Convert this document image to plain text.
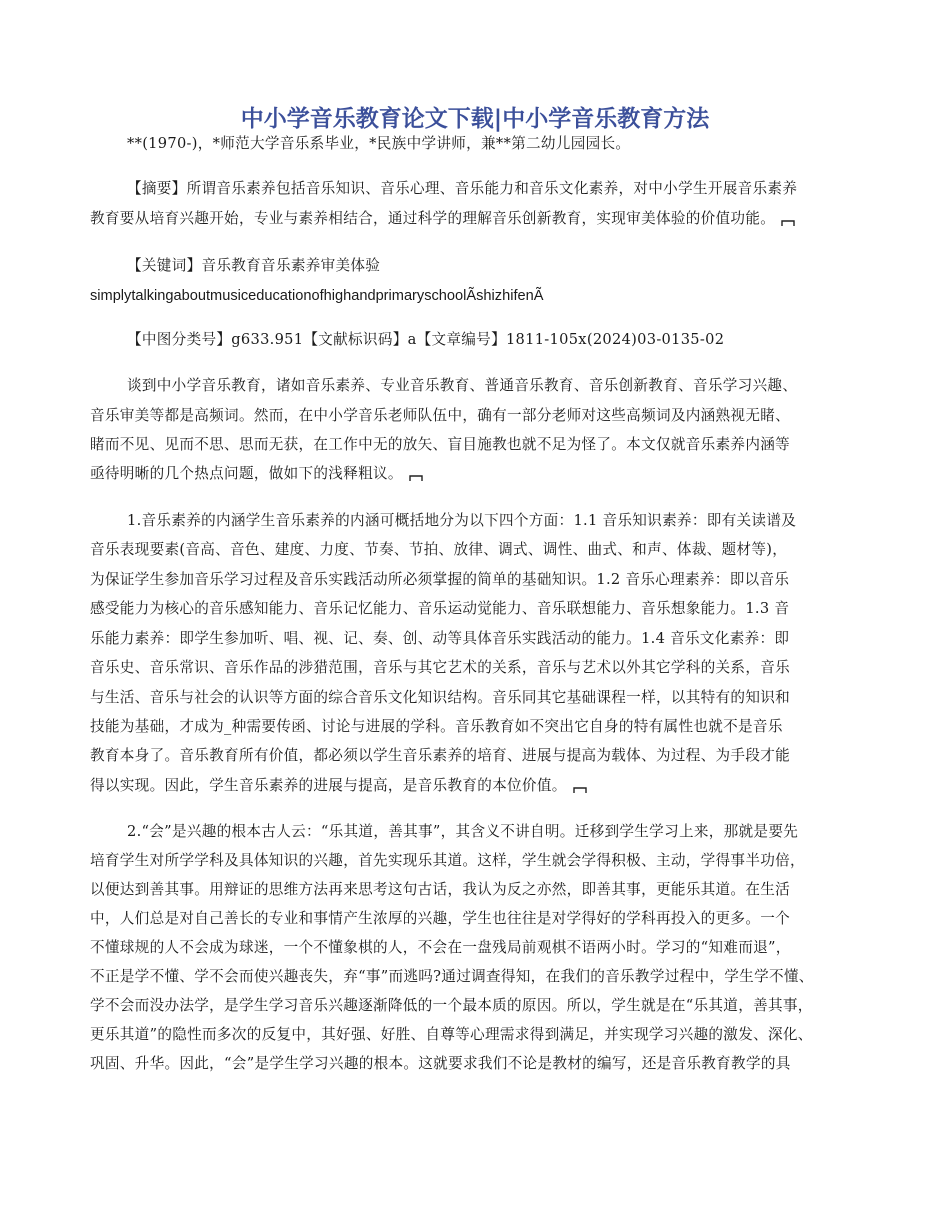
中小学音乐教育论文下载|中小学音乐教育方法
**(1970-)，*师范大学音乐系毕业，*民族中学讲师，兼**第二幼儿园园长。
【摘要】所谓音乐素养包括音乐知识、音乐心理、音乐能力和音乐文化素养，对中小学生开展音乐素养
教育要从培育兴趣开始，专业与素养相结合，通过科学的理解音乐创新教育，实现审美体验的价值功能。
【关键词】音乐教育音乐素养审美体验
simplytalkingaboutmusiceducationofhighandprimaryschoolÃshizhifenÃ
【中图分类号】g633.951【文献标识码】a【文章编号】1811-105x(2024)03-0135-02
谈到中小学音乐教育，诸如音乐素养、专业音乐教育、普通音乐教育、音乐创新教育、音乐学习兴趣、
音乐审美等都是高频词。然而，在中小学音乐老师队伍中，确有一部分老师对这些高频词及内涵熟视无睹、
睹而不见、见而不思、思而无获，在工作中无的放矢、盲目施教也就不足为怪了。本文仅就音乐素养内涵等
亟待明晰的几个热点问题，做如下的浅释粗议。
1.音乐素养的内涵学生音乐素养的内涵可概括地分为以下四个方面：1.1 音乐知识素养：即有关读谱及
音乐表现要素(音高、音色、建度、力度、节奏、节拍、放律、调式、调性、曲式、和声、体裁、题材等)，
为保证学生参加音乐学习过程及音乐实践活动所必须掌握的简单的基础知识。1.2 音乐心理素养：即以音乐
感受能力为核心的音乐感知能力、音乐记忆能力、音乐运动觉能力、音乐联想能力、音乐想象能力。1.3 音
乐能力素养：即学生参加听、唱、视、记、奏、创、动等具体音乐实践活动的能力。1.4 音乐文化素养：即
音乐史、音乐常识、音乐作品的涉猎范围，音乐与其它艺术的关系，音乐与艺术以外其它学科的关系，音乐
与生活、音乐与社会的认识等方面的综合音乐文化知识结构。音乐同其它基础课程一样，以其特有的知识和
技能为基础，才成为_种需要传函、讨论与进展的学科。音乐教育如不突出它自身的特有属性也就不是音乐
教育本身了。音乐教育所有价值，都必须以学生音乐素养的培育、进展与提高为载体、为过程、为手段才能
得以实现。因此，学生音乐素养的进展与提高，是音乐教育的本位价值。
2.“会”是兴趣的根本古人云：“乐其道，善其事”，其含义不讲自明。迁移到学生学习上来，那就是要先
培育学生对所学学科及具体知识的兴趣，首先实现乐其道。这样，学生就会学得积极、主动，学得事半功倍，
以便达到善其事。用辩证的思维方法再来思考这句古话，我认为反之亦然，即善其事，更能乐其道。在生活
中，人们总是对自己善长的专业和事情产生浓厚的兴趣，学生也往往是对学得好的学科再投入的更多。一个
不懂球规的人不会成为球迷，一个不懂象棋的人，不会在一盘残局前观棋不语两小时。学习的“知难而退”，
不正是学不懂、学不会而使兴趣丧失，弃“事”而逃吗?通过调查得知，在我们的音乐教学过程中，学生学不懂、
学不会而没办法学，是学生学习音乐兴趣逐渐降低的一个最本质的原因。所以，学生就是在“乐其道，善其事，
更乐其道”的隐性而多次的反复中，其好强、好胜、自尊等心理需求得到满足，并实现学习兴趣的激发、深化、
巩固、升华。因此，“会”是学生学习兴趣的根本。这就要求我们不论是教材的编写，还是音乐教育教学的具
